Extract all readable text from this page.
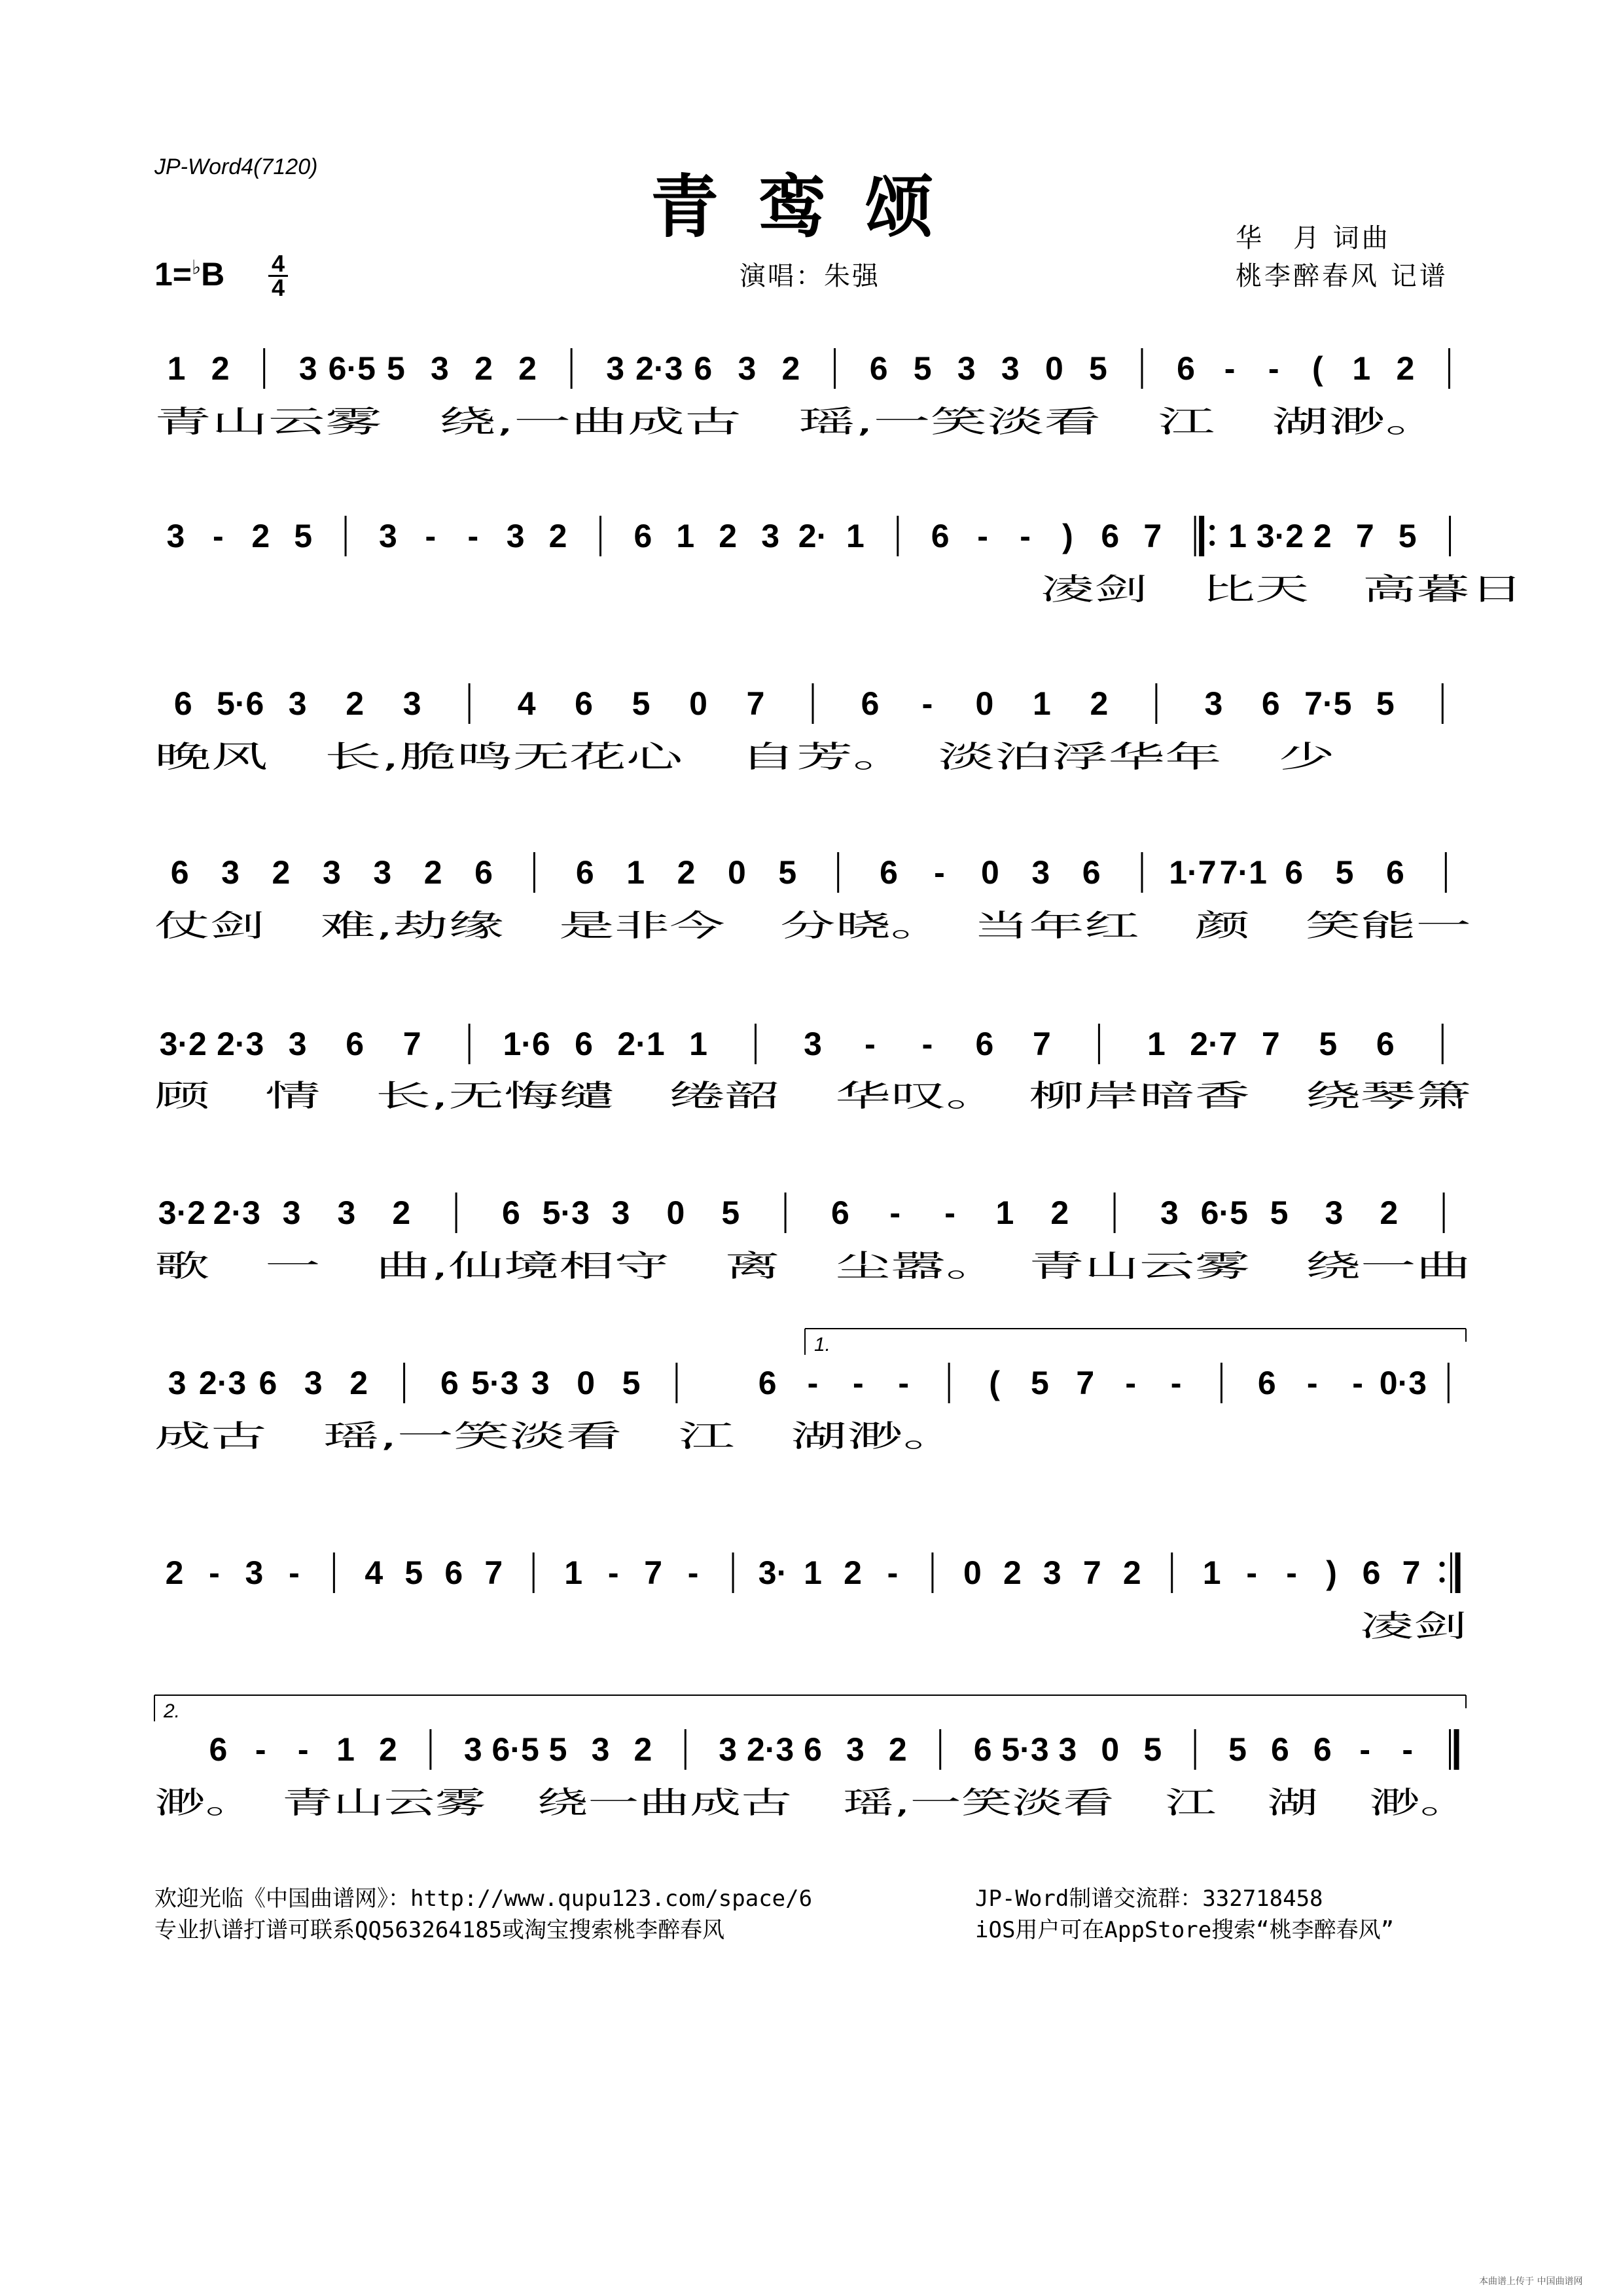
JP-Word4(7120)	青鸾颂	华　月 词曲
桃李醉春风 记谱
1=♭B 4
4	演唱：朱强
1 2 3 6·5 5 3 2 2 3 2·3 6 3 2 6 5 3 3 0 5 6 - - ( 1 2
青山云雾　绕,一曲成古　瑶,一笑淡看　江　湖渺。
3 - 2 5 3 - - 3 2 6 1 2 3 2· 1 6 - - ) 6 7 1 3·2 2 7 5
凌剑　比天　高暮日
6 5·6 3 2 3	4 6 5 0 7	6 - 0 1 2	3 6 7·5 5
晚风　长,脆鸣无花心　自芳。　淡泊浮华年　少
6 3 2 3 3 2 6	6 1 2 0 5	6 - 0 3 6 1·7 7·1 6 5 6
仗剑　难,劫缘　是非今　分晓。　当年红　颜　笑能一
3·2 2·3 3 6 7 1·6 6 2·1 1	3 - - 6 7	1 2·7 7 5 6
顾　情　长,无悔缱　绻韶　华叹。　柳岸暗香　绕琴箫
3·2 2·3 3 3 2	6 5·3 3 0 5	6 - - 1 2	3 6·5 5 3 2
歌　一　曲,仙境相守　离　尘嚣。　青山云雾　绕一曲
3 2·3 6 3 2 6 5·3 3 0 5	6 - - - ( 5 7 - - 6 - - 0·3
成古　瑶,一笑淡看　江　湖渺。
2 - 3 - 4 5 6 7 1 - 7 - 3· 1 2 - 0 2 3 7 2 1 - - ) 6 7
凌剑
6 - - 1 2 3 6·5 5 3 2 3 2·3 6 3 2 6 5·3 3 0 5 5 6 6 - -
渺。　青山云雾　绕一曲成古　瑶,一笑淡看　江　湖　渺。
1.
2.
欢迎光临《中国曲谱网》：http://www.qupu123.com/space/6
专业扒谱打谱可联系QQ563264185或淘宝搜索桃李醉春风
JP-Word制谱交流群：332718458
iOS用户可在AppStore搜索“桃李醉春风”
本曲谱上传于 中国曲谱网
